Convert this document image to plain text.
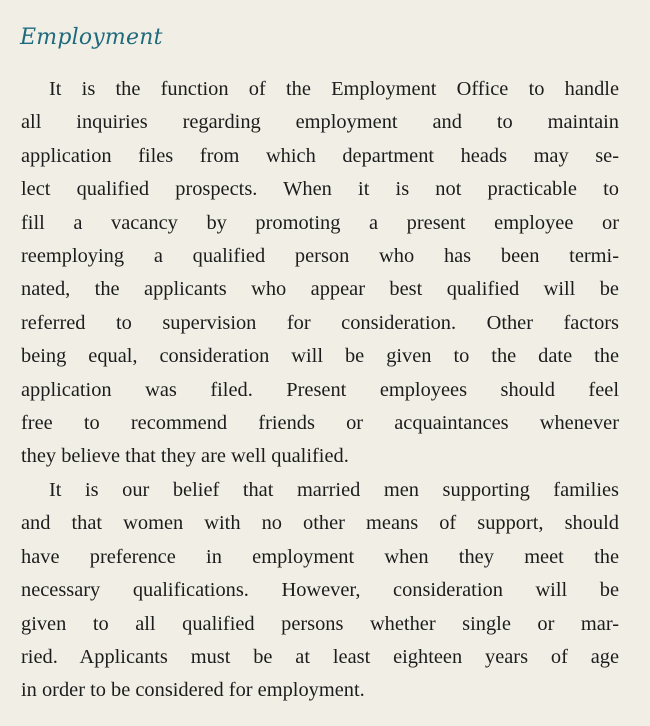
Employment
It is the function of the Employment Office to handle
all inquiries regarding employment and to maintain
application files from which department heads may se-
lect qualified prospects. When it is not practicable to
fill a vacancy by promoting a present employee or
reemploying a qualified person who has been termi-
nated, the applicants who appear best qualified will be
referred to supervision for consideration. Other factors
being equal, consideration will be given to the date the
application was filed. Present employees should feel
free to recommend friends or acquaintances whenever
they believe that they are well qualified.
It is our belief that married men supporting families
and that women with no other means of support, should
have preference in employment when they meet the
necessary qualifications. However, consideration will be
given to all qualified persons whether single or mar-
ried. Applicants must be at least eighteen years of age
in order to be considered for employment.
